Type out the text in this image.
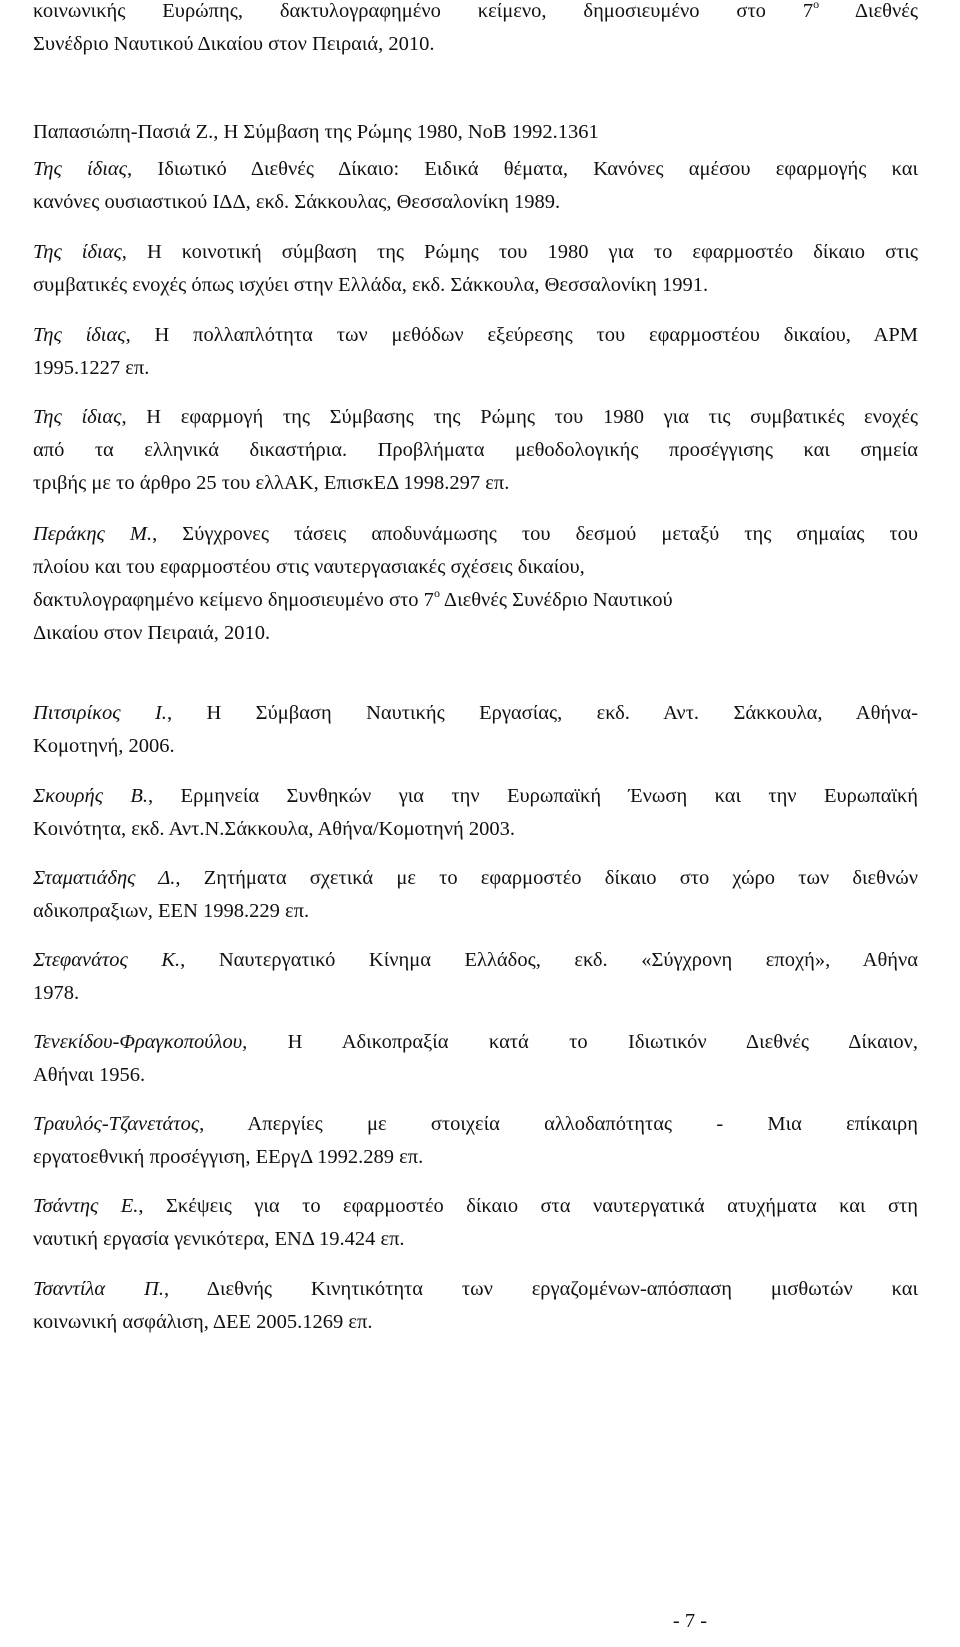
κοινωνικής Ευρώπης, δακτυλογραφημένο κείμενο, δημοσιευμένο στο $7^o$ Διεθνές
Συνέδριο Ναυτικού Δικαίου στον Πειραιά, 2010.

Παπασιώπη-Πασιά Ζ., Η Σύμβαση της Ρώμης 1980, ΝοΒ 1992.1361

Της ίδιας, Ιδιωτικό Διεθνές Δίκαιο: Ειδικά θέματα, Κανόνες αμέσου εφαρμογής και
κανόνες ουσιαστικού ΙΔΔ, εκδ. Σάκκουλας, Θεσσαλονίκη 1989.

Της ίδιας, Η κοινοτική σύμβαση της Ρώμης του 1980 για το εφαρμοστέο δίκαιο στις
συμβατικές ενοχές όπως ισχύει στην Ελλάδα, εκδ. Σάκκουλα, Θεσσαλονίκη 1991.

Της ίδιας, Η πολλαπλότητα των μεθόδων εξεύρεσης του εφαρμοστέου δικαίου, ΑΡΜ
1995.1227 επ.

Της ίδιας, Η εφαρμογή της Σύμβασης της Ρώμης του 1980 για τις συμβατικές ενοχές
από τα ελληνικά δικαστήρια. Προβλήματα μεθοδολογικής προσέγγισης και σημεία
τριβής με το άρθρο 25 του ελλΑΚ, ΕπισκΕΔ 1998.297 επ.

Περάκης Μ., Σύγχρονες τάσεις αποδυνάμωσης του δεσμού μεταξύ της σημαίας του
πλοίου και του εφαρμοστέου στις ναυτεργασιακές σχέσεις δικαίου,
δακτυλογραφημένο κείμενο δημοσιευμένο στο $7^o$ Διεθνές Συνέδριο Ναυτικού
Δικαίου στον Πειραιά, 2010.

Πιτσιρίκος Ι., Η Σύμβαση Ναυτικής Εργασίας, εκδ. Αντ. Σάκκουλα, Αθήνα-
Κομοτηνή, 2006.

Σκουρής Β., Ερμηνεία Συνθηκών για την Ευρωπαϊκή Ένωση και την Ευρωπαϊκή
Κοινότητα, εκδ. Αντ.Ν.Σάκκουλα, Αθήνα/Κομοτηνή 2003.

Σταματιάδης Δ., Ζητήματα σχετικά με το εφαρμοστέο δίκαιο στο χώρο των διεθνών
αδικοπραξιων, ΕΕΝ 1998.229 επ.

Στεφανάτος Κ., Ναυτεργατικό Κίνημα Ελλάδος, εκδ. «Σύγχρονη εποχή», Αθήνα
1978.

Τενεκίδου-Φραγκοπούλου, Η Αδικοπραξία κατά το Ιδιωτικόν Διεθνές Δίκαιον,
Αθήναι 1956.

Τραυλός-Τζανετάτος, Απεργίες με στοιχεία αλλοδαπότητας - Μια επίκαιρη
εργατοεθνική προσέγγιση, ΕΕργΔ 1992.289 επ.

Τσάντης Ε., Σκέψεις για το εφαρμοστέο δίκαιο στα ναυτεργατικά ατυχήματα και στη
ναυτική εργασία γενικότερα, ΕΝΔ 19.424 επ.

Τσαντίλα Π., Διεθνής Κινητικότητα των εργαζομένων-απόσπαση μισθωτών και
κοινωνική ασφάλιση, ΔΕΕ 2005.1269 επ.

- 7 -
